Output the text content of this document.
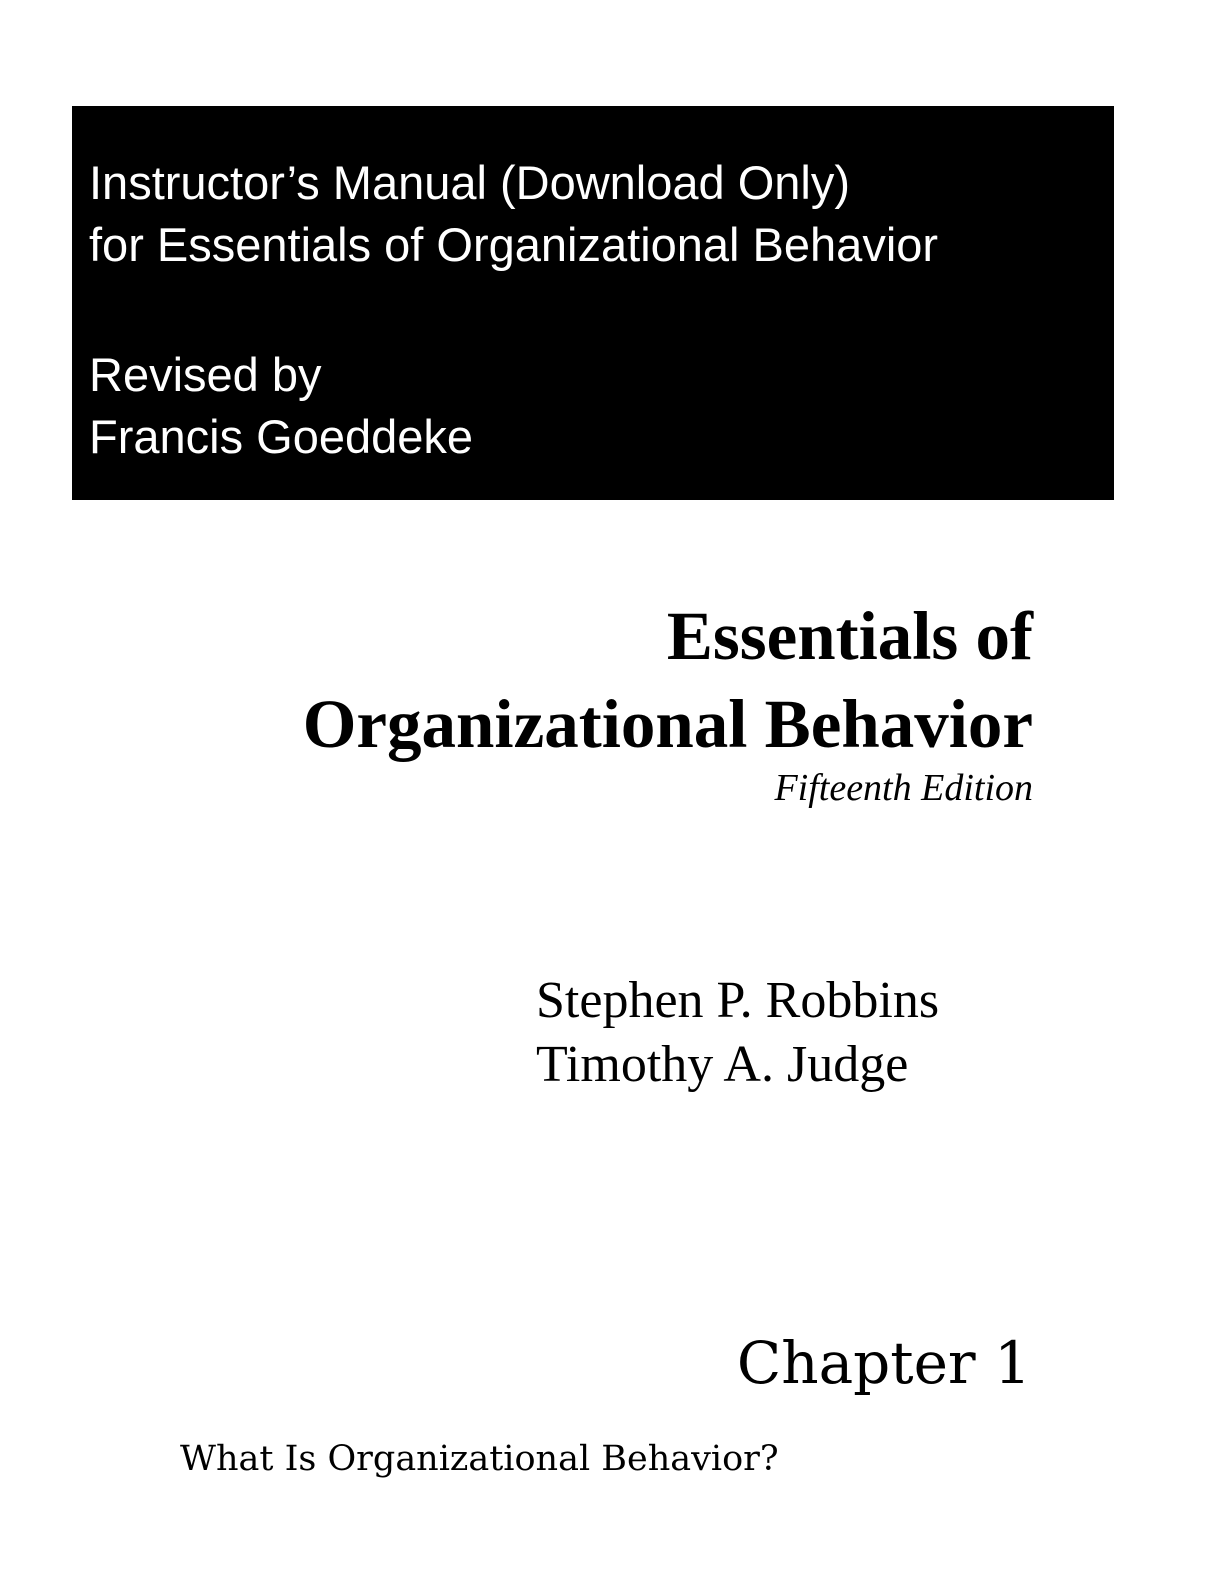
Instructor’s Manual (Download Only)
for Essentials of Organizational Behavior
Revised by
Francis Goeddeke
Essentials of
Organizational Behavior
Fifteenth Edition
Stephen P. Robbins
Timothy A. Judge
Chapter 1
What Is Organizational Behavior?
